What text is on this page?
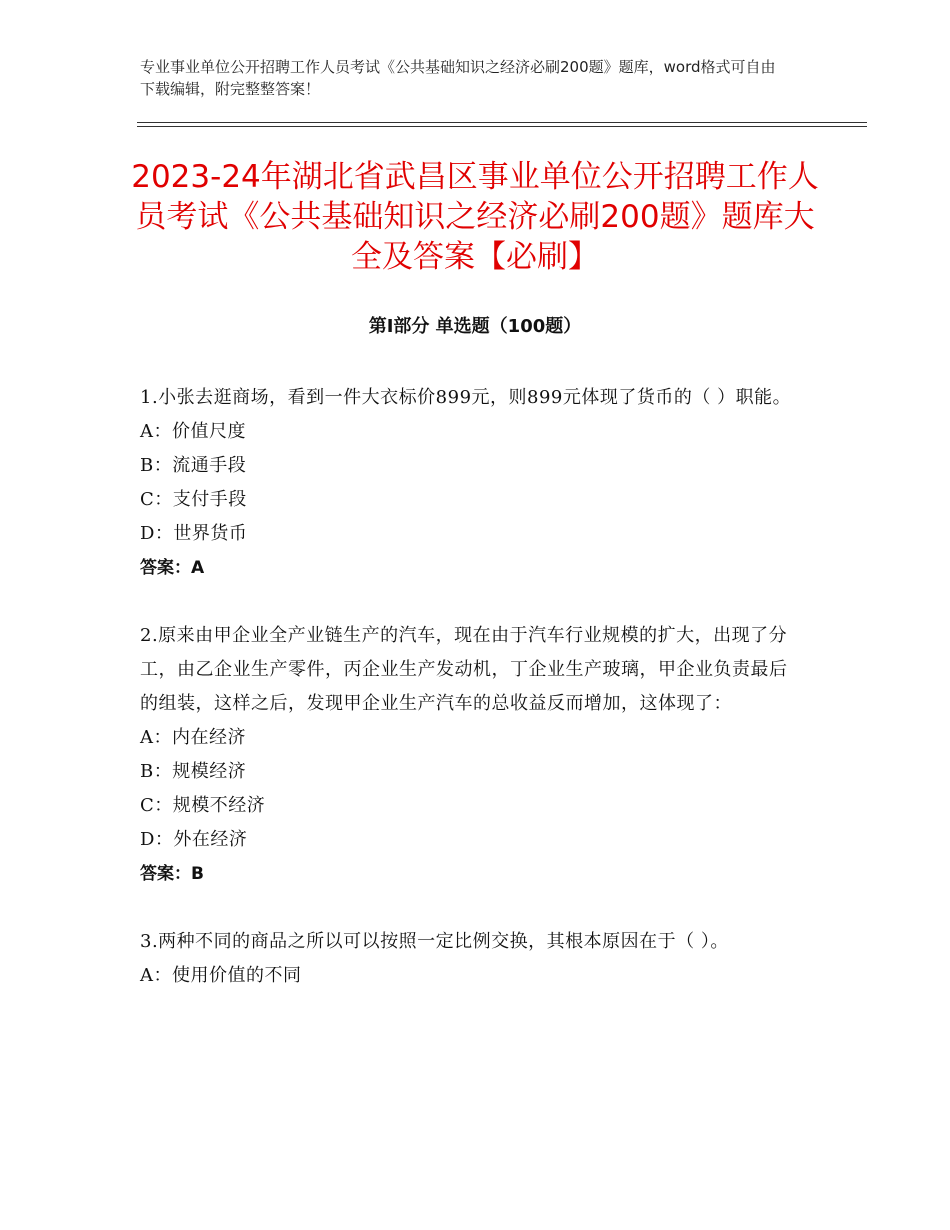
专业事业单位公开招聘工作人员考试《公共基础知识之经济必刷200题》题库，word格式可自由下载编辑，附完整整答案！
2023-24年湖北省武昌区事业单位公开招聘工作人员考试《公共基础知识之经济必刷200题》题库大全及答案【必刷】
第Ⅰ部分 单选题（100题）

1.小张去逛商场，看到一件大衣标价899元，则899元体现了货币的（ ）职能。

A：价值尺度

B：流通手段

C：支付手段

D：世界货币

答案：A

2.原来由甲企业全产业链生产的汽车，现在由于汽车行业规模的扩大，出现了分工，由乙企业生产零件，丙企业生产发动机，丁企业生产玻璃，甲企业负责最后的组装，这样之后，发现甲企业生产汽车的总收益反而增加，这体现了：

A：内在经济

B：规模经济

C：规模不经济

D：外在经济

答案：B

3.两种不同的商品之所以可以按照一定比例交换，其根本原因在于（ ）。

A：使用价值的不同
